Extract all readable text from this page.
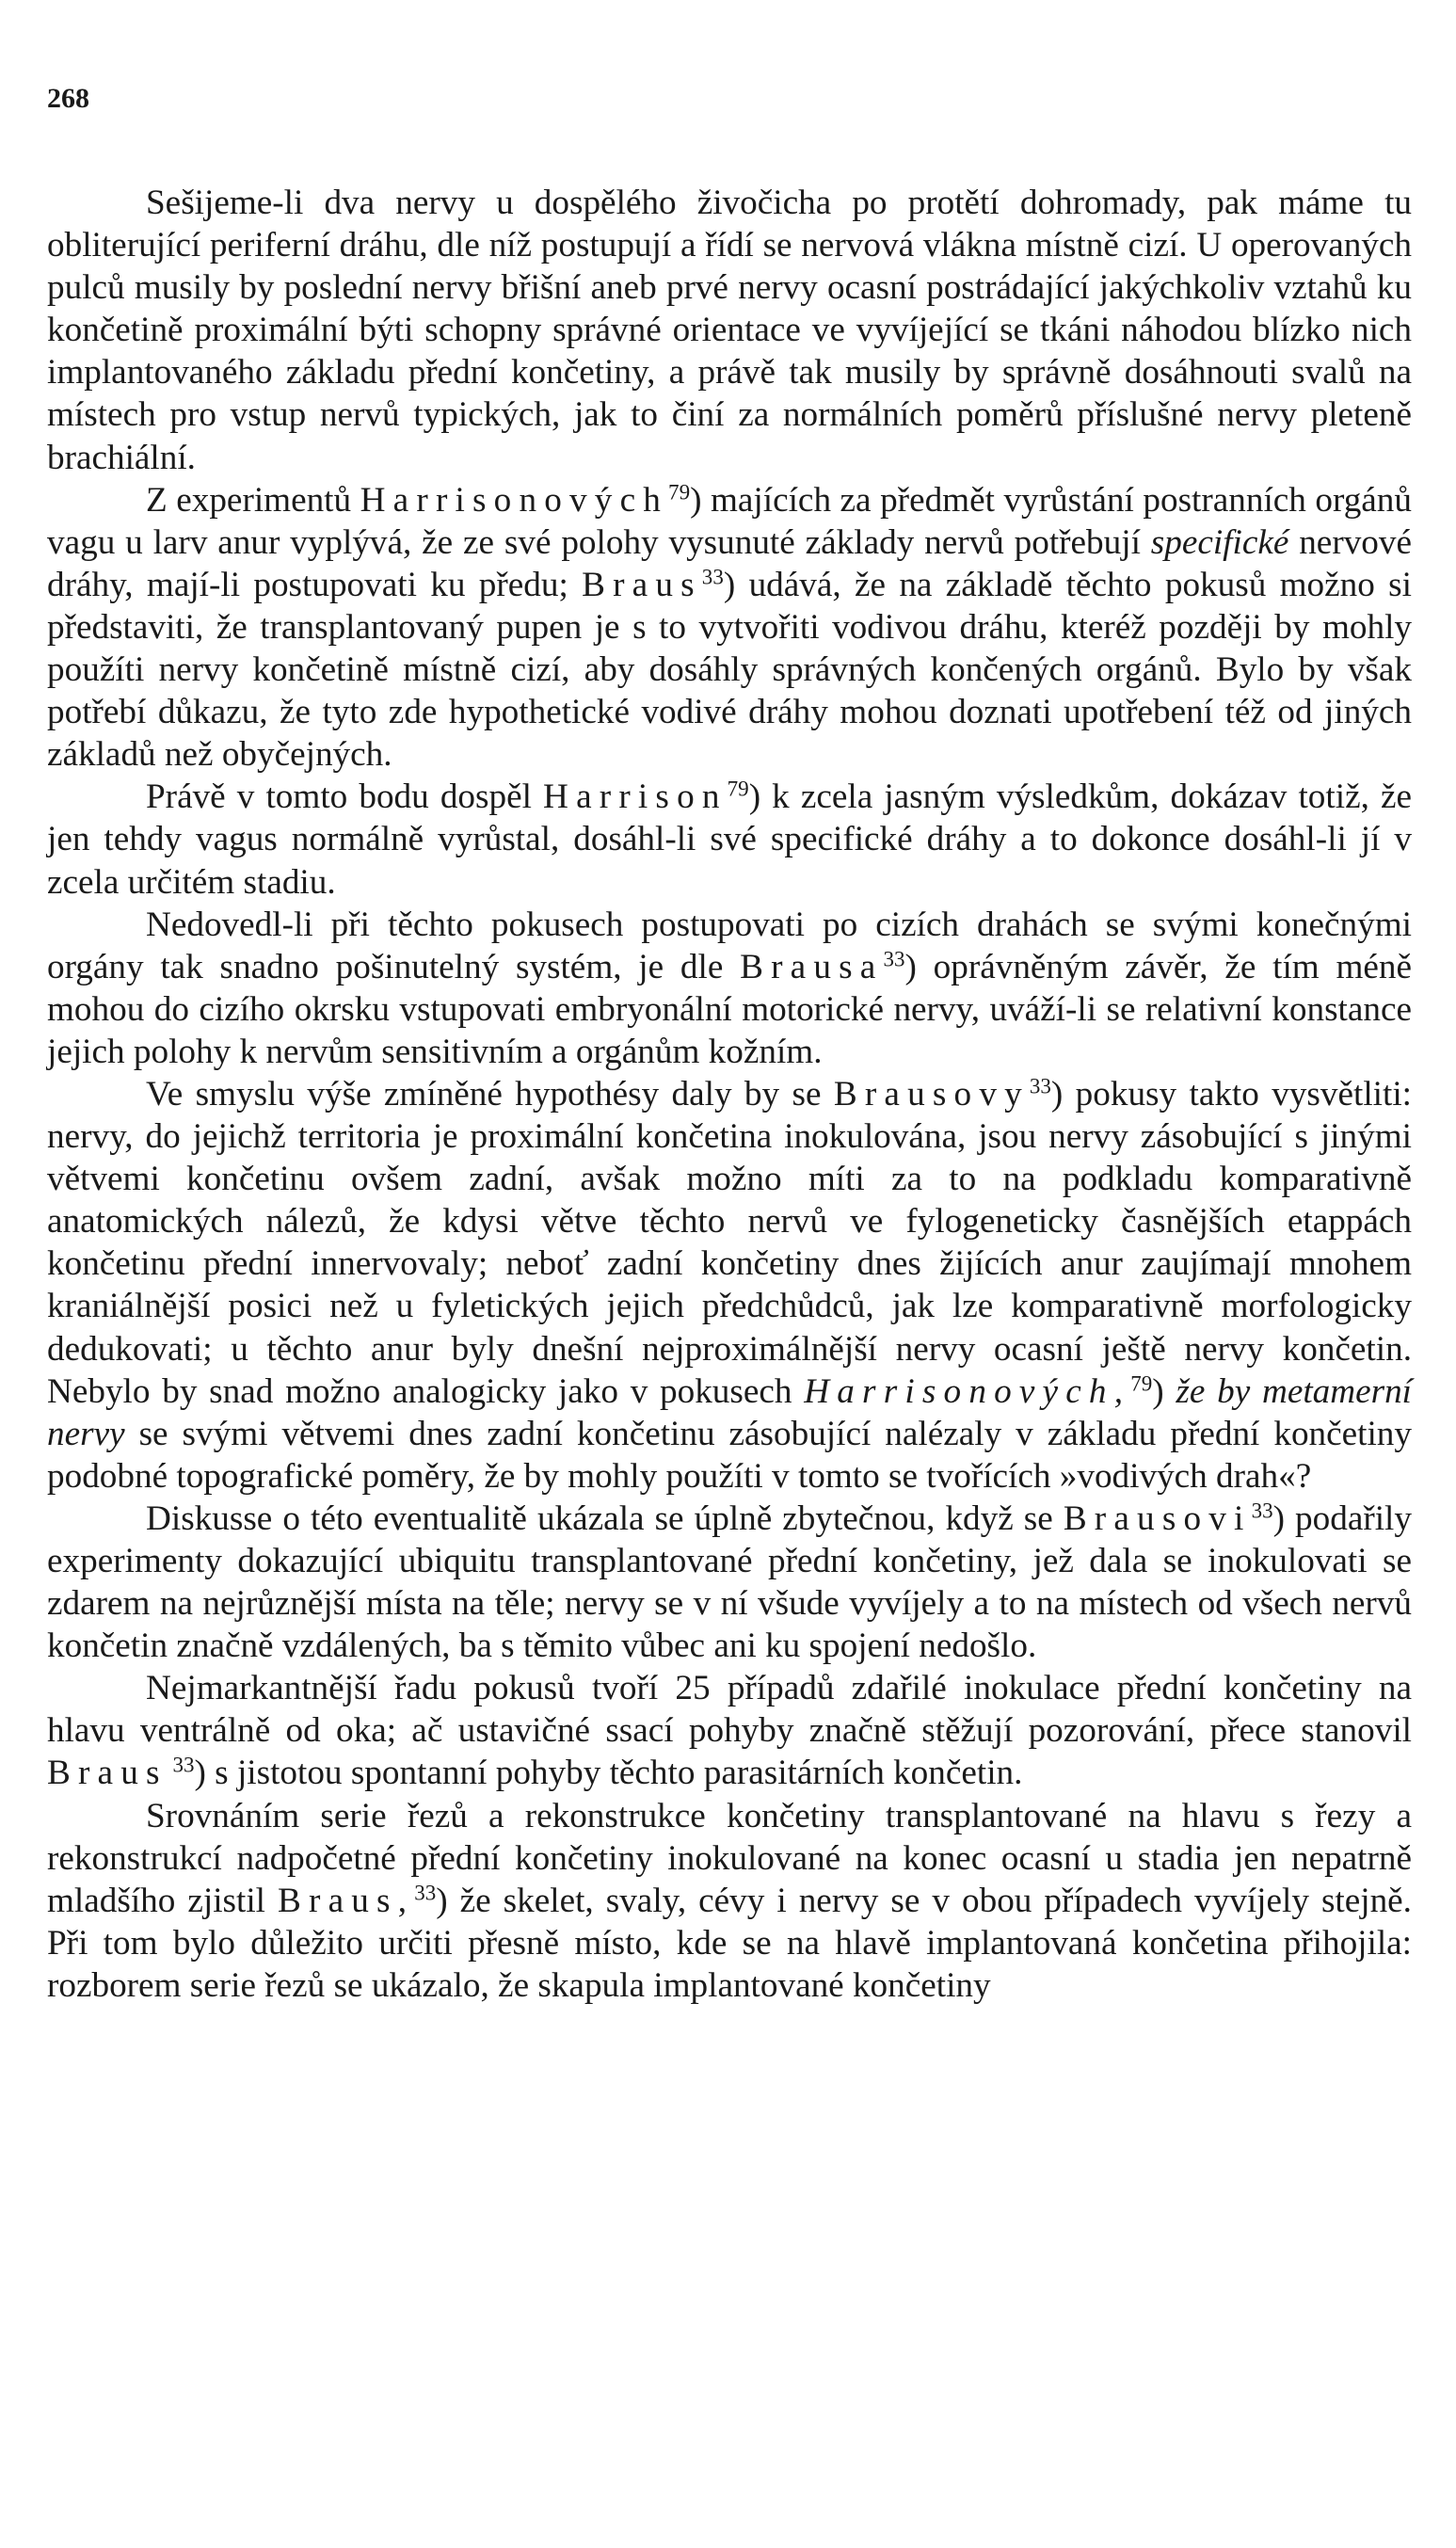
268

Sešijeme-li dva nervy u dospělého živočicha po protětí dohromady, pak máme tu obliterující periferní dráhu, dle níž postupují a řídí se nervová vlákna místně cizí. U operovaných pulců musily by poslední nervy břišní aneb prvé nervy ocasní postrádající jakýchkoliv vztahů ku končetině proximální býti schopny správné orientace ve vyvíjející se tkáni náhodou blízko nich implantovaného základu přední končetiny, a právě tak musily by správně dosáhnouti svalů na místech pro vstup nervů typických, jak to činí za normálních poměrů příslušné nervy pleteně brachiální.

Z experimentů Harrisonových$^{79}$) majících za předmět vyrůstání postranních orgánů vagu u larv anur vyplývá, že ze své polohy vysunuté základy nervů potřebují specifické nervové dráhy, mají-li postupovati ku předu; Braus$^{33}$) udává, že na základě těchto pokusů možno si představiti, že transplantovaný pupen je s to vytvořiti vodivou dráhu, kteréž později by mohly použíti nervy končetině místně cizí, aby dosáhly správných končených orgánů. Bylo by však potřebí důkazu, že tyto zde hypothetické vodivé dráhy mohou doznati upotřebení též od jiných základů než obyčejných.

Právě v tomto bodu dospěl Harrison$^{79}$) k zcela jasným výsledkům, dokázav totiž, že jen tehdy vagus normálně vyrůstal, dosáhl-li své specifické dráhy a to dokonce dosáhl-li jí v zcela určitém stadiu.

Nedovedl-li při těchto pokusech postupovati po cizích drahách se svými konečnými orgány tak snadno pošinutelný systém, je dle Brausa$^{33}$) oprávněným závěr, že tím méně mohou do cizího okrsku vstupovati embryonální motorické nervy, uváží-li se relativní konstance jejich polohy k nervům sensitivním a orgánům kožním.

Ve smyslu výše zmíněné hypothésy daly by se Brausovy$^{33}$) pokusy takto vysvětliti: nervy, do jejichž territoria je proximální končetina inokulována, jsou nervy zásobující s jinými větvemi končetinu ovšem zadní, avšak možno míti za to na podkladu komparativně anatomických nálezů, že kdysi větve těchto nervů ve fylogeneticky časnějších etappách končetinu přední innervovaly; neboť zadní končetiny dnes žijících anur zaujímají mnohem kraniálnější posici než u fyletických jejich předchůdců, jak lze komparativně morfologicky dedukovati; u těchto anur byly dnešní nejproximálnější nervy ocasní ještě nervy končetin. Nebylo by snad možno analogicky jako v pokusech Harrisonových,$^{79}$) že by metamerní nervy se svými větvemi dnes zadní končetinu zásobující nalézaly v základu přední končetiny podobné topografické poměry, že by mohly použíti v tomto se tvořících »vodivých drah«?

Diskusse o této eventualitě ukázala se úplně zbytečnou, když se Brausovi$^{33}$) podařily experimenty dokazující ubiquitu transplantované přední končetiny, jež dala se inokulovati se zdarem na nejrůznější místa na těle; nervy se v ní všude vyvíjely a to na místech od všech nervů končetin značně vzdálených, ba s těmito vůbec ani ku spojení nedošlo.

Nejmarkantnější řadu pokusů tvoří 25 případů zdařilé inokulace přední končetiny na hlavu ventrálně od oka; ač ustavičné ssací pohyby značně stěžují pozorování, přece stanovil Braus $^{33}$) s jistotou spontanní pohyby těchto parasitárních končetin.

Srovnáním serie řezů a rekonstrukce končetiny transplantované na hlavu s řezy a rekonstrukcí nadpočetné přední končetiny inokulované na konec ocasní u stadia jen nepatrně mladšího zjistil Braus,$^{33}$) že skelet, svaly, cévy i nervy se v obou případech vyvíjely stejně. Při tom bylo důležito určiti přesně místo, kde se na hlavě implantovaná končetina přihojila: rozborem serie řezů se ukázalo, že skapula implantované končetiny
